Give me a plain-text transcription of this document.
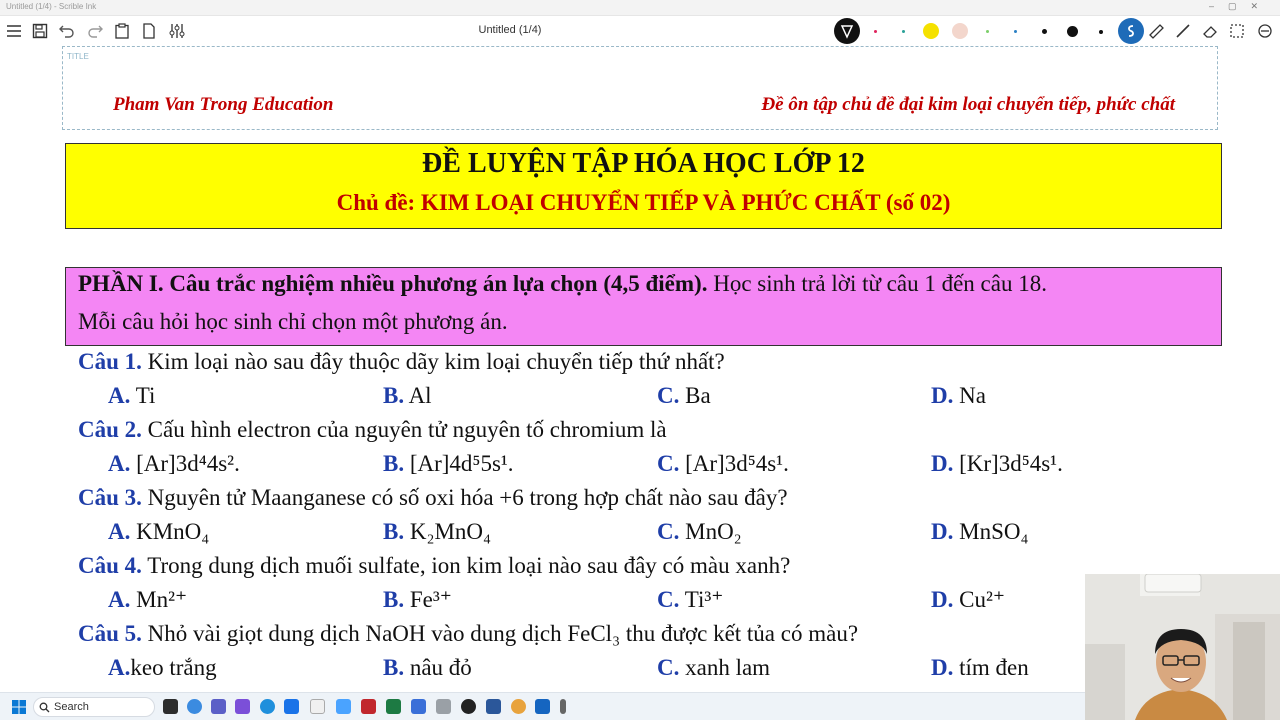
Untitled (1/4) - Scrible Ink	–▢✕
Untitled (1/4)
TITLE
Pham Van Trong Education	Đề ôn tập chủ đề đại kim loại chuyển tiếp, phức chất
ĐỀ LUYỆN TẬP HÓA HỌC LỚP 12
Chủ đề: KIM LOẠI CHUYỂN TIẾP VÀ PHỨC CHẤT (số 02)
PHẦN I. Câu trắc nghiệm nhiều phương án lựa chọn (4,5 điểm). Học sinh trả lời từ câu 1 đến câu 18.
Mỗi câu hỏi học sinh chỉ chọn một phương án.
Câu 1. Kim loại nào sau đây thuộc dãy kim loại chuyển tiếp thứ nhất?
A. Ti	B. Al	C. Ba	D. Na
Câu 2. Cấu hình electron của nguyên tử nguyên tố chromium là
A. [Ar]3d⁴4s².	B. [Ar]4d⁵5s¹.	C. [Ar]3d⁵4s¹.	D. [Kr]3d⁵4s¹.
Câu 3. Nguyên tử Maanganese có số oxi hóa +6 trong hợp chất nào sau đây?
A. KMnO₄	B. K₂MnO₄	C. MnO₂	D. MnSO₄
Câu 4. Trong dung dịch muối sulfate, ion kim loại nào sau đây có màu xanh?
A. Mn²⁺	B. Fe³⁺	C. Ti³⁺	D. Cu²⁺
Câu 5. Nhỏ vài giọt dung dịch NaOH vào dung dịch FeCl₃ thu được kết tủa có màu?
A.keo trắng	B. nâu đỏ	C. xanh lam	D. tím đen
Search
